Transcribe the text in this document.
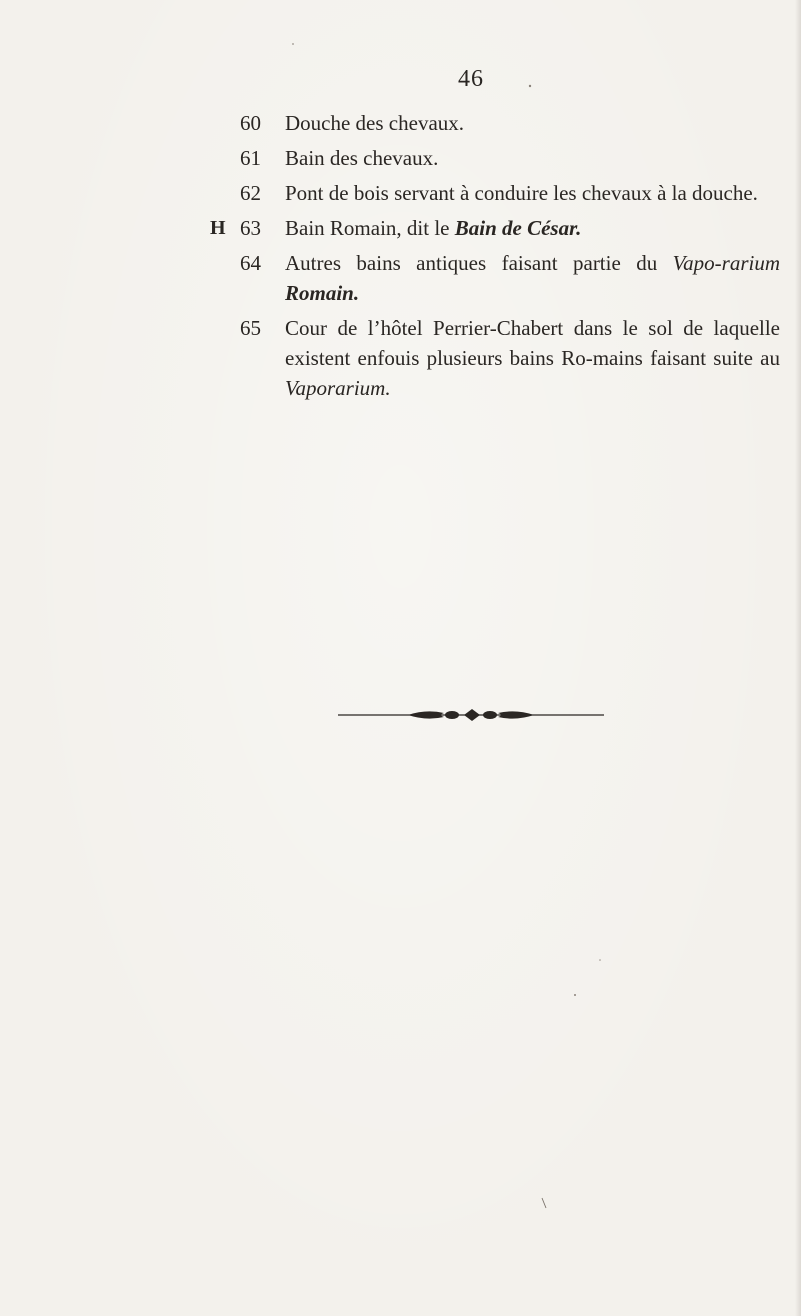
46
60	Douche des chevaux.
61	Bain des chevaux.
62	Pont de bois servant à conduire les chevaux à la douche.
H 63	Bain Romain, dit le Bain de César.
64	Autres bains antiques faisant partie du Vapo-rarium Romain.
65	Cour de l’hôtel Perrier-Chabert dans le sol de laquelle existent enfouis plusieurs bains Ro-mains faisant suite au Vaporarium.
